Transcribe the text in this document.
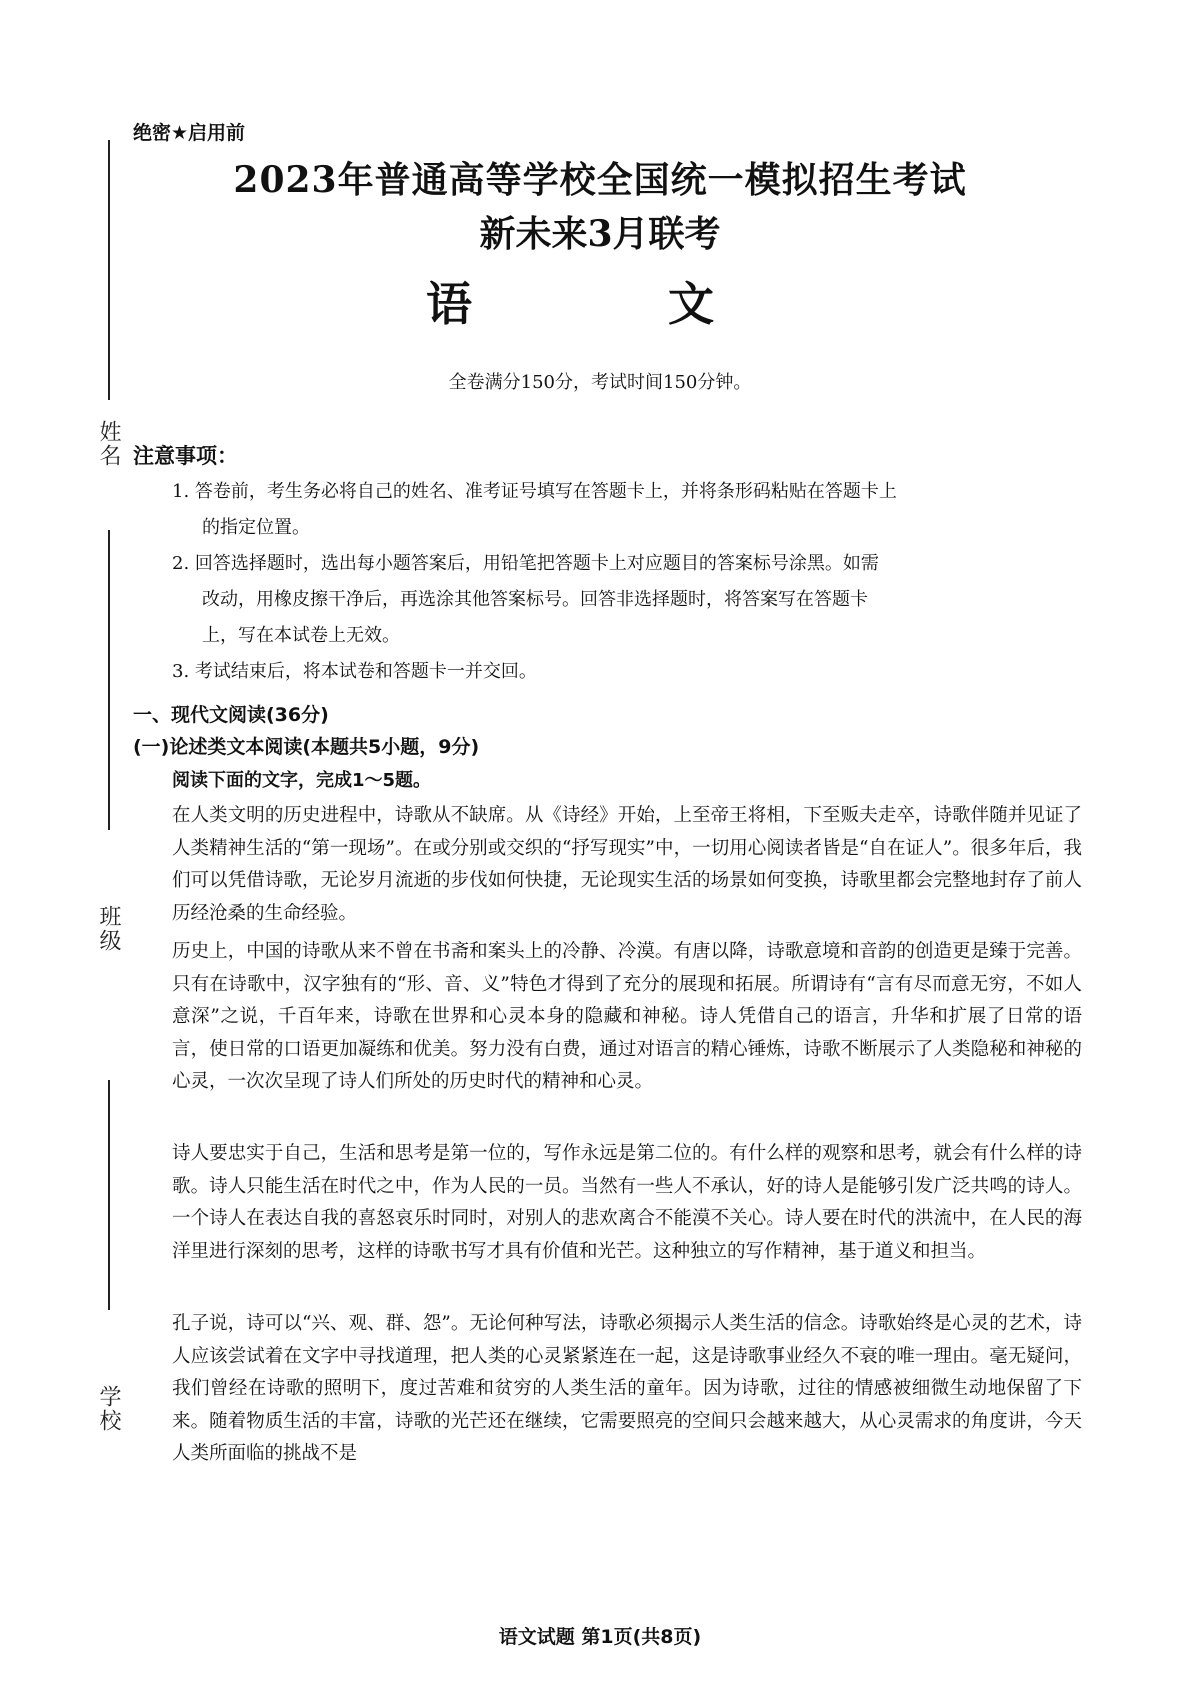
姓名
班级
学校
绝密★启用前
2023年普通高等学校全国统一模拟招生考试
新未来3月联考
语 文
全卷满分150分，考试时间150分钟。
注意事项：
1. 答卷前，考生务必将自己的姓名、准考证号填写在答题卡上，并将条形码粘贴在答题卡上
的指定位置。
2. 回答选择题时，选出每小题答案后，用铅笔把答题卡上对应题目的答案标号涂黑。如需
改动，用橡皮擦干净后，再选涂其他答案标号。回答非选择题时，将答案写在答题卡
上，写在本试卷上无效。
3. 考试结束后，将本试卷和答题卡一并交回。
一、现代文阅读(36分)
(一)论述类文本阅读(本题共5小题，9分)
阅读下面的文字，完成1～5题。
在人类文明的历史进程中，诗歌从不缺席。从《诗经》开始，上至帝王将相，下至贩夫走卒，诗歌伴随并见证了人类精神生活的“第一现场”。在或分别或交织的“抒写现实”中，一切用心阅读者皆是“自在证人”。很多年后，我们可以凭借诗歌，无论岁月流逝的步伐如何快捷，无论现实生活的场景如何变换，诗歌里都会完整地封存了前人历经沧桑的生命经验。
历史上，中国的诗歌从来不曾在书斋和案头上的冷静、冷漠。有唐以降，诗歌意境和音韵的创造更是臻于完善。只有在诗歌中，汉字独有的“形、音、义”特色才得到了充分的展现和拓展。所谓诗有“言有尽而意无穷，不如人意深”之说，千百年来，诗歌在世界和心灵本身的隐藏和神秘。诗人凭借自己的语言，升华和扩展了日常的语言，使日常的口语更加凝练和优美。努力没有白费，通过对语言的精心锤炼，诗歌不断展示了人类隐秘和神秘的心灵，一次次呈现了诗人们所处的历史时代的精神和心灵。
诗人要忠实于自己，生活和思考是第一位的，写作永远是第二位的。有什么样的观察和思考，就会有什么样的诗歌。诗人只能生活在时代之中，作为人民的一员。当然有一些人不承认，好的诗人是能够引发广泛共鸣的诗人。一个诗人在表达自我的喜怒哀乐时同时，对别人的悲欢离合不能漠不关心。诗人要在时代的洪流中，在人民的海洋里进行深刻的思考，这样的诗歌书写才具有价值和光芒。这种独立的写作精神，基于道义和担当。
孔子说，诗可以“兴、观、群、怨”。无论何种写法，诗歌必须揭示人类生活的信念。诗歌始终是心灵的艺术，诗人应该尝试着在文字中寻找道理，把人类的心灵紧紧连在一起，这是诗歌事业经久不衰的唯一理由。毫无疑问，我们曾经在诗歌的照明下，度过苦难和贫穷的人类生活的童年。因为诗歌，过往的情感被细微生动地保留了下来。随着物质生活的丰富，诗歌的光芒还在继续，它需要照亮的空间只会越来越大，从心灵需求的角度讲，今天人类所面临的挑战不是
语文试题 第1页(共8页)
